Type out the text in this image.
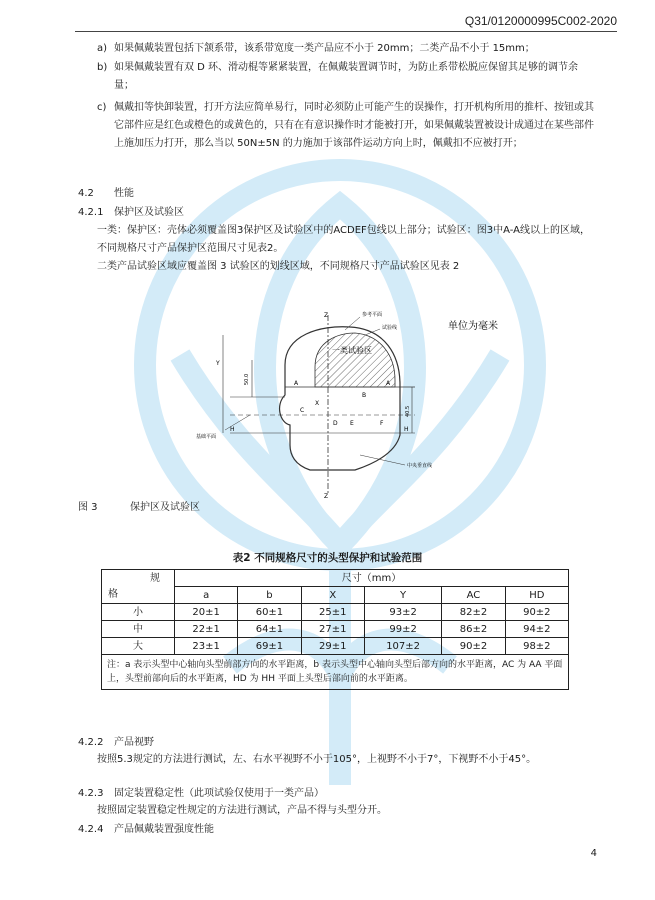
Q31/0120000995C002-2020
a) 如果佩戴装置包括下颔系带，该系带宽度一类产品应不小于 20mm；二类产品不小于 15mm；
b) 如果佩戴装置有双 D 环、滑动棍等紧紧装置，在佩戴装置调节时，为防止系带松脱应保留其足够的调节余量；
c) 佩戴扣等快卸装置，打开方法应简单易行，同时必须防止可能产生的误操作，打开机构所用的推杆、按钮或其它部件应是红色或橙色的或黄色的，只有在有意识操作时才能被打开，如果佩戴装置被设计成通过在某些部件上施加压力打开，那么当以 50N±5N 的力施加于该部件运动方向上时，佩戴扣不应被打开；
4.2 性能
4.2.1 保护区及试验区
一类：保护区：壳体必须覆盖图3保护区及试验区中的ACDEF包线以上部分；试验区：图3中A-A线以上的区域，不同规格尺寸产品保护区范围尺寸见表2。
二类产品试验区域应覆盖图 3 试验区的划线区域，不同规格尺寸产品试验区见表 2
Z
Z
参考平面
试验线
一类试验区
A	A
B
C
D E	F
X
Y
H	H
50.0
40.5
基础平面
中央垂直线
单位为毫米
图 3	保护区及试验区
表2 不同规格尺寸的头型保护和试验范围
规	尺寸（mm）					
格	a	b	X	Y	AC	HD
小	20±1	60±1	25±1	93±2	82±2	90±2
中	22±1	64±1	27±1	99±2	86±2	94±2
大	23±1	69±1	29±1	107±2	90±2	98±2
注：a 表示头型中心轴向头型前部方向的水平距离，b 表示头型中心轴向头型后部方向的水平距离，AC 为 AA 平面上，头型前部向后的水平距离，HD 为 HH 平面上头型后部向前的水平距离。						
4.2.2 产品视野
按照5.3规定的方法进行测试，左、右水平视野不小于105°，上视野不小于7°，下视野不小于45°。
4.2.3 固定装置稳定性（此项试验仅使用于一类产品）
按照固定装置稳定性规定的方法进行测试，产品不得与头型分开。
4.2.4 产品佩戴装置强度性能
4
